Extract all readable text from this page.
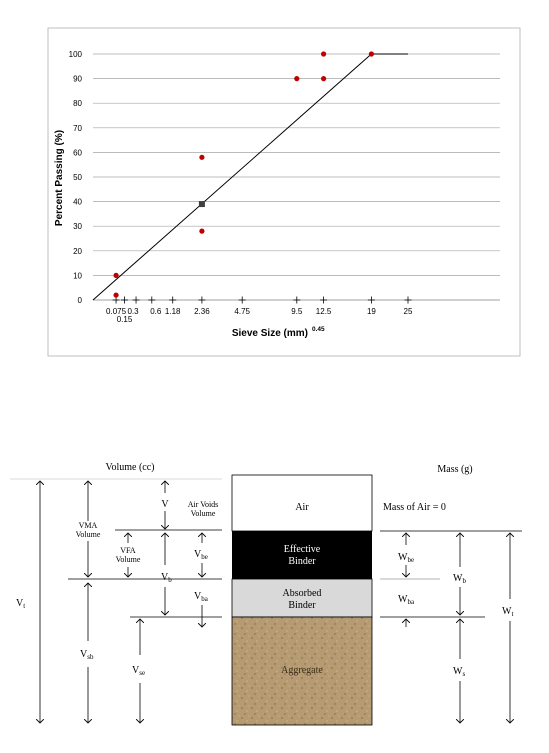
0
10
20
30
40
50
60
70
80
90
100
0.075
0.15
0.3 0.6 1.18 2.36	4.75	9.5 12.5	19	25
Percent Passing (%)
Sieve Size (mm) 0.45
Volume (cc)	Mass (g)
Air
Effective
Binder
Absorbed
Binder
Aggregate
$V_t$
VMA
Volume
V Air Voids
Volume
VFA
Volume
$V_b$
$V_{be}$
$V_{ba}$
$V_{sb}$
$V_{se}$
Mass of Air = 0
$W_{be}$
$W_{ba}$
$W_b$
$W_t$
$W_s$
